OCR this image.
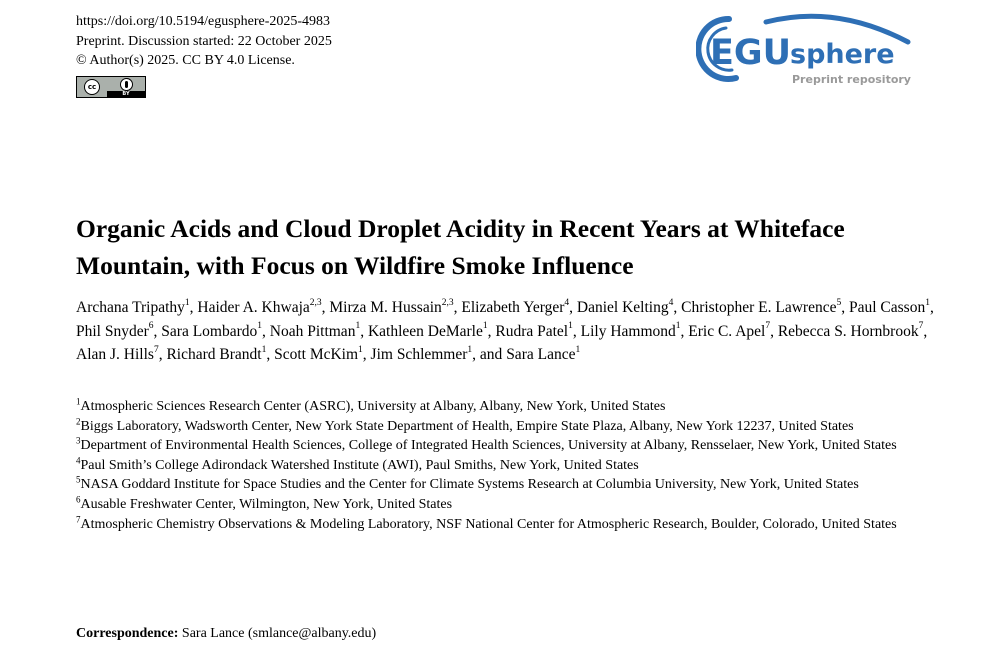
https://doi.org/10.5194/egusphere-2025-4983
Preprint. Discussion started: 22 October 2025
© Author(s) 2025. CC BY 4.0 License.
cc
BY
EGU
sphere
Preprint repository
Organic Acids and Cloud Droplet Acidity in Recent Years at Whiteface Mountain, with Focus on Wildfire Smoke Influence
Archana Tripathy$^1$, Haider A. Khwaja$^{2,3}$, Mirza M. Hussain$^{2,3}$, Elizabeth Yerger$^4$, Daniel Kelting$^4$, Christopher E. Lawrence$^5$, Paul Casson$^1$, Phil Snyder$^6$, Sara Lombardo$^1$, Noah Pittman$^1$, Kathleen DeMarle$^1$, Rudra Patel$^1$, Lily Hammond$^1$, Eric C. Apel$^7$, Rebecca S. Hornbrook$^7$, Alan J. Hills$^7$, Richard Brandt$^1$, Scott McKim$^1$, Jim Schlemmer$^1$, and Sara Lance$^1$
$^1$Atmospheric Sciences Research Center (ASRC), University at Albany, Albany, New York, United States
$^2$Biggs Laboratory, Wadsworth Center, New York State Department of Health, Empire State Plaza, Albany, New York 12237, United States
$^3$Department of Environmental Health Sciences, College of Integrated Health Sciences, University at Albany, Rensselaer, New York, United States
$^4$Paul Smith’s College Adirondack Watershed Institute (AWI), Paul Smiths, New York, United States
$^5$NASA Goddard Institute for Space Studies and the Center for Climate Systems Research at Columbia University, New York, United States
$^6$Ausable Freshwater Center, Wilmington, New York, United States
$^7$Atmospheric Chemistry Observations & Modeling Laboratory, NSF National Center for Atmospheric Research, Boulder, Colorado, United States
Correspondence: Sara Lance (smlance@albany.edu)
